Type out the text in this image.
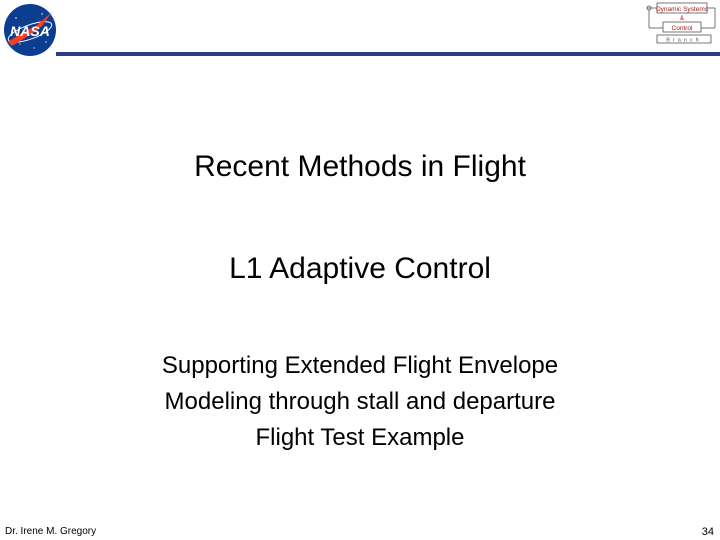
NASA
Dynamic Systems
&
Control
Branch
Recent Methods in Flight
L1 Adaptive Control
Supporting Extended Flight Envelope
Modeling through stall and departure
Flight Test Example
Dr. Irene M. Gregory	34
